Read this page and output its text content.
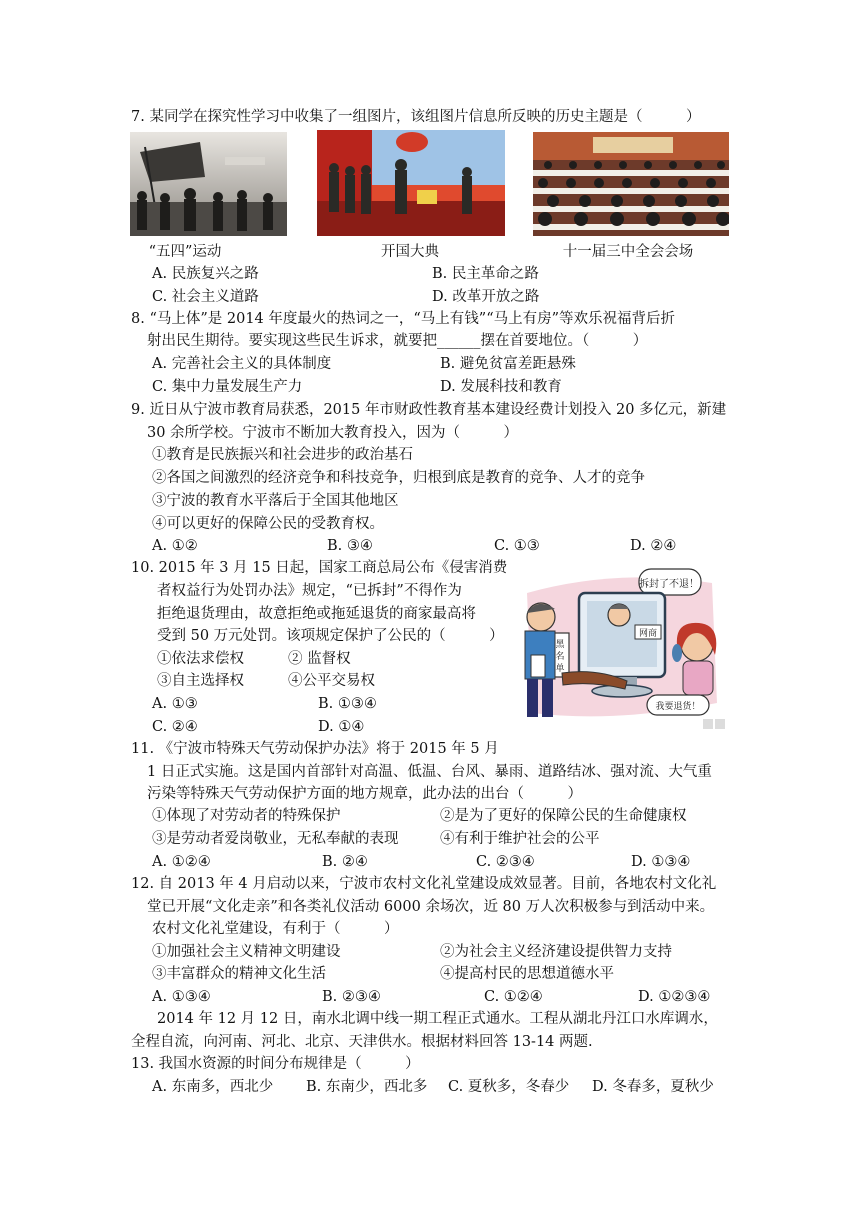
7. 某同学在探究性学习中收集了一组图片，该组图片信息所反映的历史主题是（　　　）
“五四”运动	开国大典	十一届三中全会会场
A. 民族复兴之路	B. 民主革命之路
C. 社会主义道路	D. 改革开放之路
8. “马上体”是 2014 年度最火的热词之一，“马上有钱”“马上有房”等欢乐祝福背后折
射出民生期待。要实现这些民生诉求，就要把______摆在首要地位。（　　　）
A. 完善社会主义的具体制度	B. 避免贫富差距悬殊
C. 集中力量发展生产力	D. 发展科技和教育
9. 近日从宁波市教育局获悉，2015 年市财政性教育基本建设经费计划投入 20 多亿元，新建
30 余所学校。宁波市不断加大教育投入，因为（　　　）
①教育是民族振兴和社会进步的政治基石
②各国之间激烈的经济竞争和科技竞争，归根到底是教育的竞争、人才的竞争
③宁波的教育水平落后于全国其他地区
④可以更好的保障公民的受教育权。
A. ①②	B. ③④	C. ①③	D. ②④
10. 2015 年 3 月 15 日起，国家工商总局公布《侵害消费
者权益行为处罚办法》规定，“已拆封”不得作为
拒绝退货理由，故意拒绝或拖延退货的商家最高将
受到 50 万元处罚。该项规定保护了公民的（　　　）
①依法求偿权	② 监督权
③自主选择权	④公平交易权
A. ①③	B. ①③④
C. ②④	D. ①④
拆封了不退！
黑
名
单
网商
我要退货！
11. 《宁波市特殊天气劳动保护办法》将于 2015 年 5 月
1 日正式实施。这是国内首部针对高温、低温、台风、暴雨、道路结冰、强对流、大气重
污染等特殊天气劳动保护方面的地方规章，此办法的出台（　　　）
①体现了对劳动者的特殊保护	②是为了更好的保障公民的生命健康权
③是劳动者爱岗敬业，无私奉献的表现	④有利于维护社会的公平
A. ①②④	B. ②④	C. ②③④	D. ①③④
12. 自 2013 年 4 月启动以来，宁波市农村文化礼堂建设成效显著。目前，各地农村文化礼
堂已开展“文化走亲”和各类礼仪活动 6000 余场次，近 80 万人次积极参与到活动中来。
农村文化礼堂建设，有利于（　　　）
①加强社会主义精神文明建设	②为社会主义经济建设提供智力支持
③丰富群众的精神文化生活	④提高村民的思想道德水平
A. ①③④	B. ②③④	C. ①②④	D. ①②③④
2014 年 12 月 12 日，南水北调中线一期工程正式通水。工程从湖北丹江口水库调水，
全程自流，向河南、河北、北京、天津供水。根据材料回答 13-14 两题.
13. 我国水资源的时间分布规律是（　　　）
A. 东南多，西北少 B. 东南少，西北多 C. 夏秋多，冬春少 D. 冬春多，夏秋少
